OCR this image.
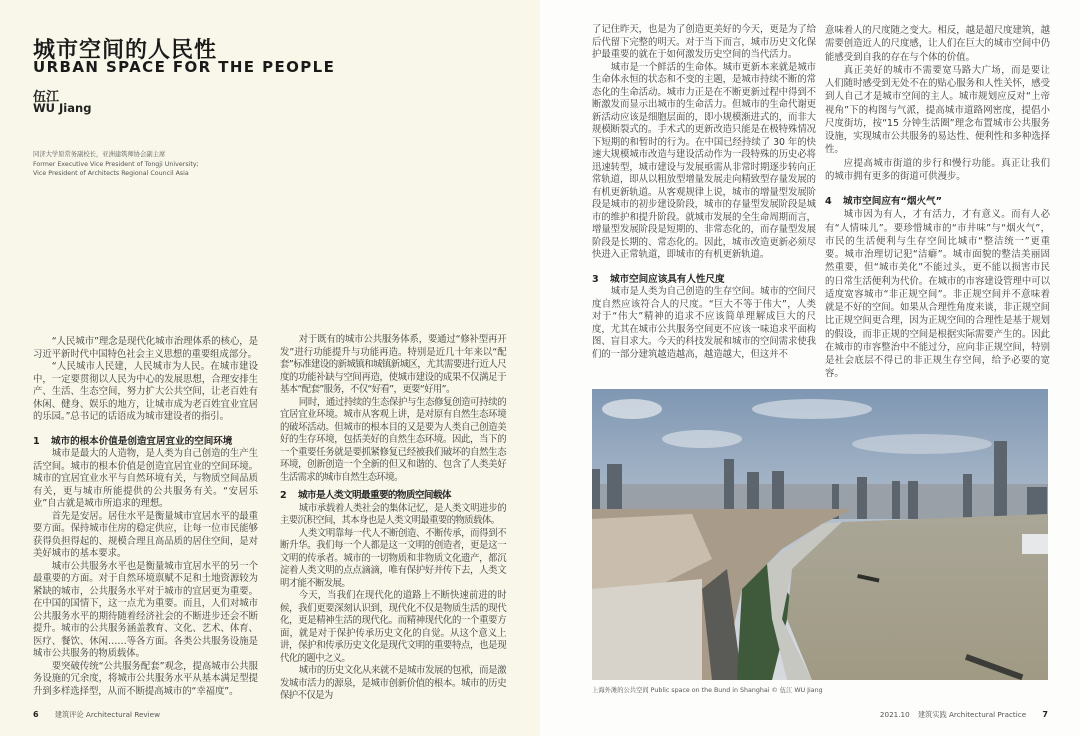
城市空间的人民性
URBAN SPACE FOR THE PEOPLE
伍江
WU Jiang
同济大学原常务副校长，亚洲建筑师协会副主席
Former Executive Vice President of Tongji University;
Vice President of Architects Regional Council Asia
6 建筑评论 Architectural Review	2021.10 建筑实践 Architectural Practice 7

“人民城市”理念是现代化城市治理体系的核心，是习近平新时代中国特色社会主义思想的重要组成部分。

“人民城市人民建，人民城市为人民。在城市建设中，一定要贯彻以人民为中心的发展思想，合理安排生产、生活、生态空间，努力扩大公共空间，让老百姓有休闲、健身、娱乐的地方，让城市成为老百姓宜业宜居的乐园。”总书记的话语成为城市建设者的指引。

1 城市的根本价值是创造宜居宜业的空间环境

城市是最大的人造物，是人类为自己创造的生产生活空间。城市的根本价值是创造宜居宜业的空间环境。城市的宜居宜业水平与自然环境有关，与物质空间品质有关，更与城市所能提供的公共服务有关。“安居乐业”自古就是城市所追求的理想。

首先是安居。居住水平是衡量城市宜居水平的最重要方面。保持城市住房的稳定供应，让每一位市民能够获得负担得起的、规模合理且高品质的居住空间，是对美好城市的基本要求。

城市公共服务水平也是衡量城市宜居水平的另一个最重要的方面。对于自然环境禀赋不足和土地资源较为紧缺的城市，公共服务水平对于城市的宜居更为重要。在中国的国情下，这一点尤为重要。而且，人们对城市公共服务水平的期待随着经济社会的不断进步还会不断提升。城市的公共服务涵盖教育、文化、艺术、体育、医疗、餐饮、休闲……等各方面。各类公共服务设施是城市公共服务的物质载体。

要突破传统“公共服务配套”观念，提高城市公共服务设施的冗余度，将城市公共服务水平从基本满足型提升到多样选择型，从而不断提高城市的“幸福度”。

对于既有的城市公共服务体系，要通过“修补型再开发”进行功能提升与功能再造。特别是近几十年来以“配套”标准建设的新城镇和城镇新城区，尤其需要进行近人尺度的功能补缺与空间再造，使城市建设的成果不仅满足于基本“配套”服务，不仅“好看”，更要“好用”。

同时，通过持续的生态保护与生态修复创造可持续的宜居宜业环境。城市从客观上讲，是对原有自然生态环境的破坏活动。但城市的根本目的又是要为人类自己创造美好的生存环境，包括美好的自然生态环境。因此，当下的一个重要任务就是要抓紧修复已经被我们破坏的自然生态环境，创新创造一个全新的但又和谐的、包含了人类美好生活需求的城市自然生态环境。

2 城市是人类文明最重要的物质空间载体

城市承载着人类社会的集体记忆，是人类文明进步的主要沉积空间，其本身也是人类文明最重要的物质载体。

人类文明靠每一代人不断创造、不断传承，而得到不断升华。我们每一个人都是这一文明的创造者，更是这一文明的传承者。城市的一切物质和非物质文化遗产，都沉淀着人类文明的点点滴滴，唯有保护好并传下去，人类文明才能不断发展。

今天，当我们在现代化的道路上不断快速前进的时候，我们更要深刻认识到，现代化不仅是物质生活的现代化，更是精神生活的现代化。而精神现代化的一个重要方面，就是对于保护传承历史文化的自觉。从这个意义上讲，保护和传承历史文化是现代文明的重要特点，也是现代化的题中之义。

城市的历史文化从来就不是城市发展的包袱，而是激发城市活力的源泉，是城市创新价值的根本。城市的历史保护不仅是为

了记住昨天，也是为了创造更美好的今天，更是为了给后代留下完整的明天。对于当下而言，城市历史文化保护最重要的就在于如何激发历史空间的当代活力。

城市是一个鲜活的生命体。城市更新本来就是城市生命体永恒的状态和不变的主题，是城市持续不断的常态化的生命活动。城市力正是在不断更新过程中得到不断激发而显示出城市的生命活力。但城市的生命代谢更新活动应该是细胞层面的，即小规模渐进式的，而非大规模断裂式的。手术式的更新改造只能是在极特殊情况下短期的和暂时的行为。在中国已经持续了 30 年的快速大规模城市改造与建设活动作为一段特殊的历史必将迅速转型，城市建设与发展亟需从非常时期逐步转向正常轨道，即从以粗放型增量发展走向精致型存量发展的有机更新轨道。从客观规律上说，城市的增量型发展阶段是城市的初步建设阶段，城市的存量型发展阶段是城市的维护和提升阶段。就城市发展的全生命周期而言，增量型发展阶段是短期的、非常态化的，而存量型发展阶段是长期的、常态化的。因此，城市改造更新必须尽快进入正常轨道，即城市的有机更新轨道。

3 城市空间应该具有人性尺度

城市是人类为自己创造的生存空间。城市的空间尺度自然应该符合人的尺度。“巨大不等于伟大”，人类对于“伟大”精神的追求不应该简单理解成巨大的尺度，尤其在城市公共服务空间更不应该一味追求平面构图、盲目求大。今天的科技发展和城市的空间需求使我们的一部分建筑越造越高，越造越大，但这并不

意味着人的尺度随之变大。相反，越是超尺度建筑，越需要创造近人的尺度感，让人们在巨大的城市空间中仍能感受到自我的存在与个体的价值。

真正美好的城市不需要宽马路大广场，而是要让人们随时感受到无处不在的贴心服务和人性关怀，感受到人自己才是城市空间的主人。城市规划应反对“上帝视角”下的构图与气派，提高城市道路网密度，提倡小尺度街坊，按“15 分钟生活圈”理念布置城市公共服务设施，实现城市公共服务的易达性、便利性和多种选择性。

应提高城市街道的步行和慢行功能。真正让我们的城市拥有更多的街道可供漫步。

4 城市空间应有“烟火气”

城市因为有人，才有活力，才有意义。而有人必有“人情味儿”。要珍惜城市的“市井味”与“烟火气”，市民的生活便利与生存空间比城市“整洁统一”更重要。城市治理切记犯“洁癖”。城市面貌的整洁美丽固然重要，但“城市美化”不能过头，更不能以损害市民的日常生活便利为代价。在城市的市容建设管理中可以适度宽容城市“非正规空间”。非正规空间并不意味着就是不好的空间。如果从合理性角度来谈，非正规空间比正规空间更合理，因为正规空间的合理性是基于规划的假设，而非正规的空间是根据实际需要产生的。因此在城市的市容整治中不能过分，应向非正规空间，特别是社会底层不得已的非正规生存空间，给予必要的宽容。

上海外滩的公共空间 Public space on the Bund in Shanghai © 伍江 WU Jiang
